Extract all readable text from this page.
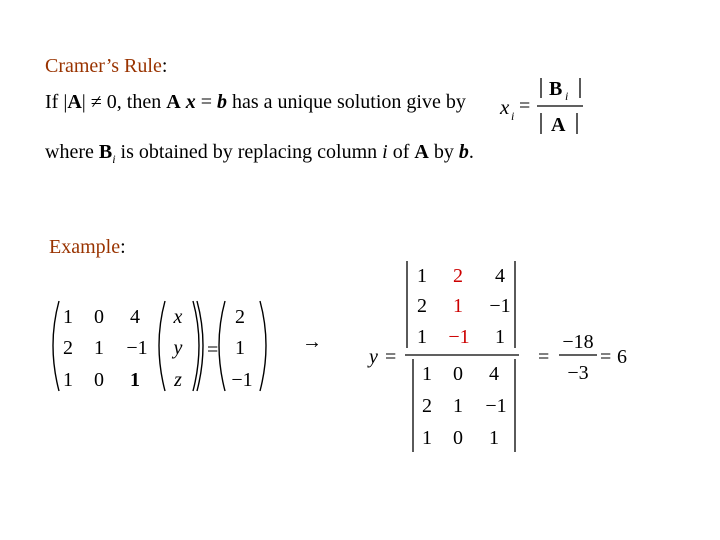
Cramer’s Rule:
If |A| ≠ 0, then A x = b has a unique solution give by x i =
B i
A
where $B_i$ is obtained by replacing column i of A by b.
Example:
1 0 4
2 1 −1
1 0 1
x
y
z
=
2
1
−1
→
y =
1 2 4
2 1 −1
1 −1 1
1 0 4
2 1 −1
1 0 1
=
−18
−3
= 6
